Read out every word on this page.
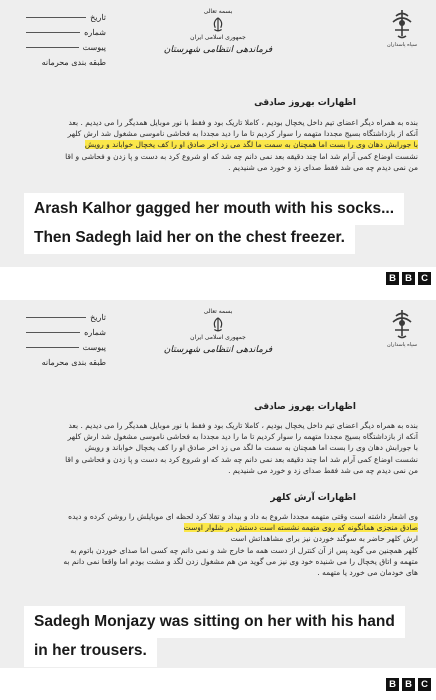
تاریخ
شماره
پیوست
طبقه بندی محرمانه
بسمه تعالی
جمهوری اسلامی ایران
فرماندهی انتظامی شهرستان	سپاه پاسداران
اظهارات بهروز صادقی

بنده به همراه دیگر اعضای تیم داخل یخچال بودیم ، کاملا تاریک بود و فقط با نور موبایل همدیگر را می دیدیم . بعد

آنکه از بازداشتگاه بسیج مجددا متهمه را سوار کردیم تا ما را دید مجددا به فحاشی ناموسی مشغول شد ارش کلهر

با جورابش دهان وی را بست اما همچنان به سمت ما لگد می زد اخر صادق او را کف یخچال خواباند و رویش

نشست اوضاع کمی آرام شد اما چند دقیقه بعد نمی دانم چه شد که او شروع کرد به دست و پا زدن و فحاشی و اقا

من نمی دیدم چه می شد فقط صدای زد و خورد می شنیدیم .

Arash Kalhor gagged her mouth with his socks...
Then Sadegh laid her on the chest freezer.
B B C
تاریخ
شماره
پیوست
طبقه بندی محرمانه
بسمه تعالی
جمهوری اسلامی ایران
فرماندهی انتظامی شهرستان	سپاه پاسداران
اظهارات بهروز صادقی

بنده به همراه دیگر اعضای تیم داخل یخچال بودیم ، کاملا تاریک بود و فقط با نور موبایل همدیگر را می دیدیم . بعد

آنکه از بازداشتگاه بسیج مجددا متهمه را سوار کردیم تا ما را دید مجددا به فحاشی ناموسی مشغول شد ارش کلهر

با جورابش دهان وی را بست اما همچنان به سمت ما لگد می زد اخر صادق او را کف یخچال خواباند و رویش

نشست اوضاع کمی آرام شد اما چند دقیقه بعد نمی دانم چه شد که او شروع کرد به دست و پا زدن و فحاشی و اقا

من نمی دیدم چه می شد فقط صدای زد و خورد می شنیدیم .

اظهارات آرش کلهر

وی اشعار داشته است وقتی متهمه مجددا شروع به داد و بیداد و تقلا کرد لحظه ای موبایلش را روشن کرده و دیده

صادق منجزی همانگونه که روی متهمه نشسته است دستش در شلوار اوست

ارش کلهر حاضر به سوگند خوردن نیز برای مشاهداتش است

کلهر همچنین می گوید پس از آن کنترل از دست همه ما خارج شد و نمی دانم چه کسی اما صدای خوردن باتوم به

متهمه و اتاق یخچال را می شنیده خود وی نیز می گوید من هم مشغول زدن لگد و مشت بودم اما واقعا نمی دانم به

های خودمان می خورد یا متهمه .

Sadegh Monjazy was sitting on her with his hand
in her trousers.
B B C
